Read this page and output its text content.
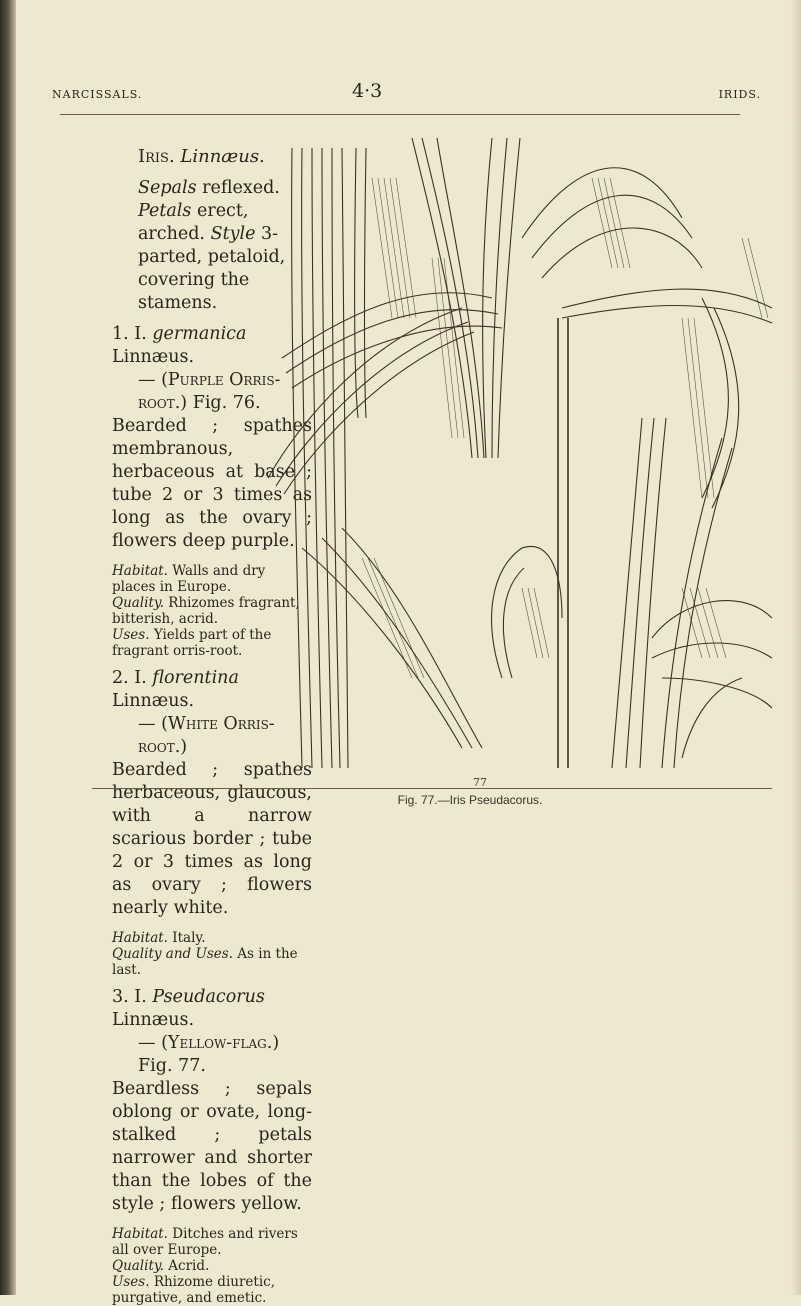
NARCISSALS.	4·3	IRIDS.

Iris. Linnæus.

Sepals reflexed. Petals erect, arched. Style 3-parted, petaloid, covering the stamens.

1. I. germanica Linnæus.

— (Purple Orris-root.) Fig. 76.

Bearded ; spathes membranous, herbaceous at base ; tube 2 or 3 times as long as the ovary ; flowers deep purple.

Habitat. Walls and dry places in Europe.

Quality. Rhizomes fragrant, bitterish, acrid.

Uses. Yields part of the fragrant orris-root.

2. I. florentina Linnæus.

— (White Orris-root.)

Bearded ; spathes herbaceous, glaucous, with a narrow scarious border ; tube 2 or 3 times as long as ovary ; flowers nearly white.

Habitat. Italy.

Quality and Uses. As in the last.

3. I. Pseudacorus Linnæus.

— (Yellow-flag.) Fig. 77.

Beardless ; sepals oblong or ovate, long-stalked ; petals narrower and shorter than the lobes of the style ; flowers yellow.

Habitat. Ditches and rivers all over Europe.

Quality. Acrid.

Uses. Rhizome diuretic, purgative, and emetic.

77
Fig. 77.—Iris Pseudacorus.
